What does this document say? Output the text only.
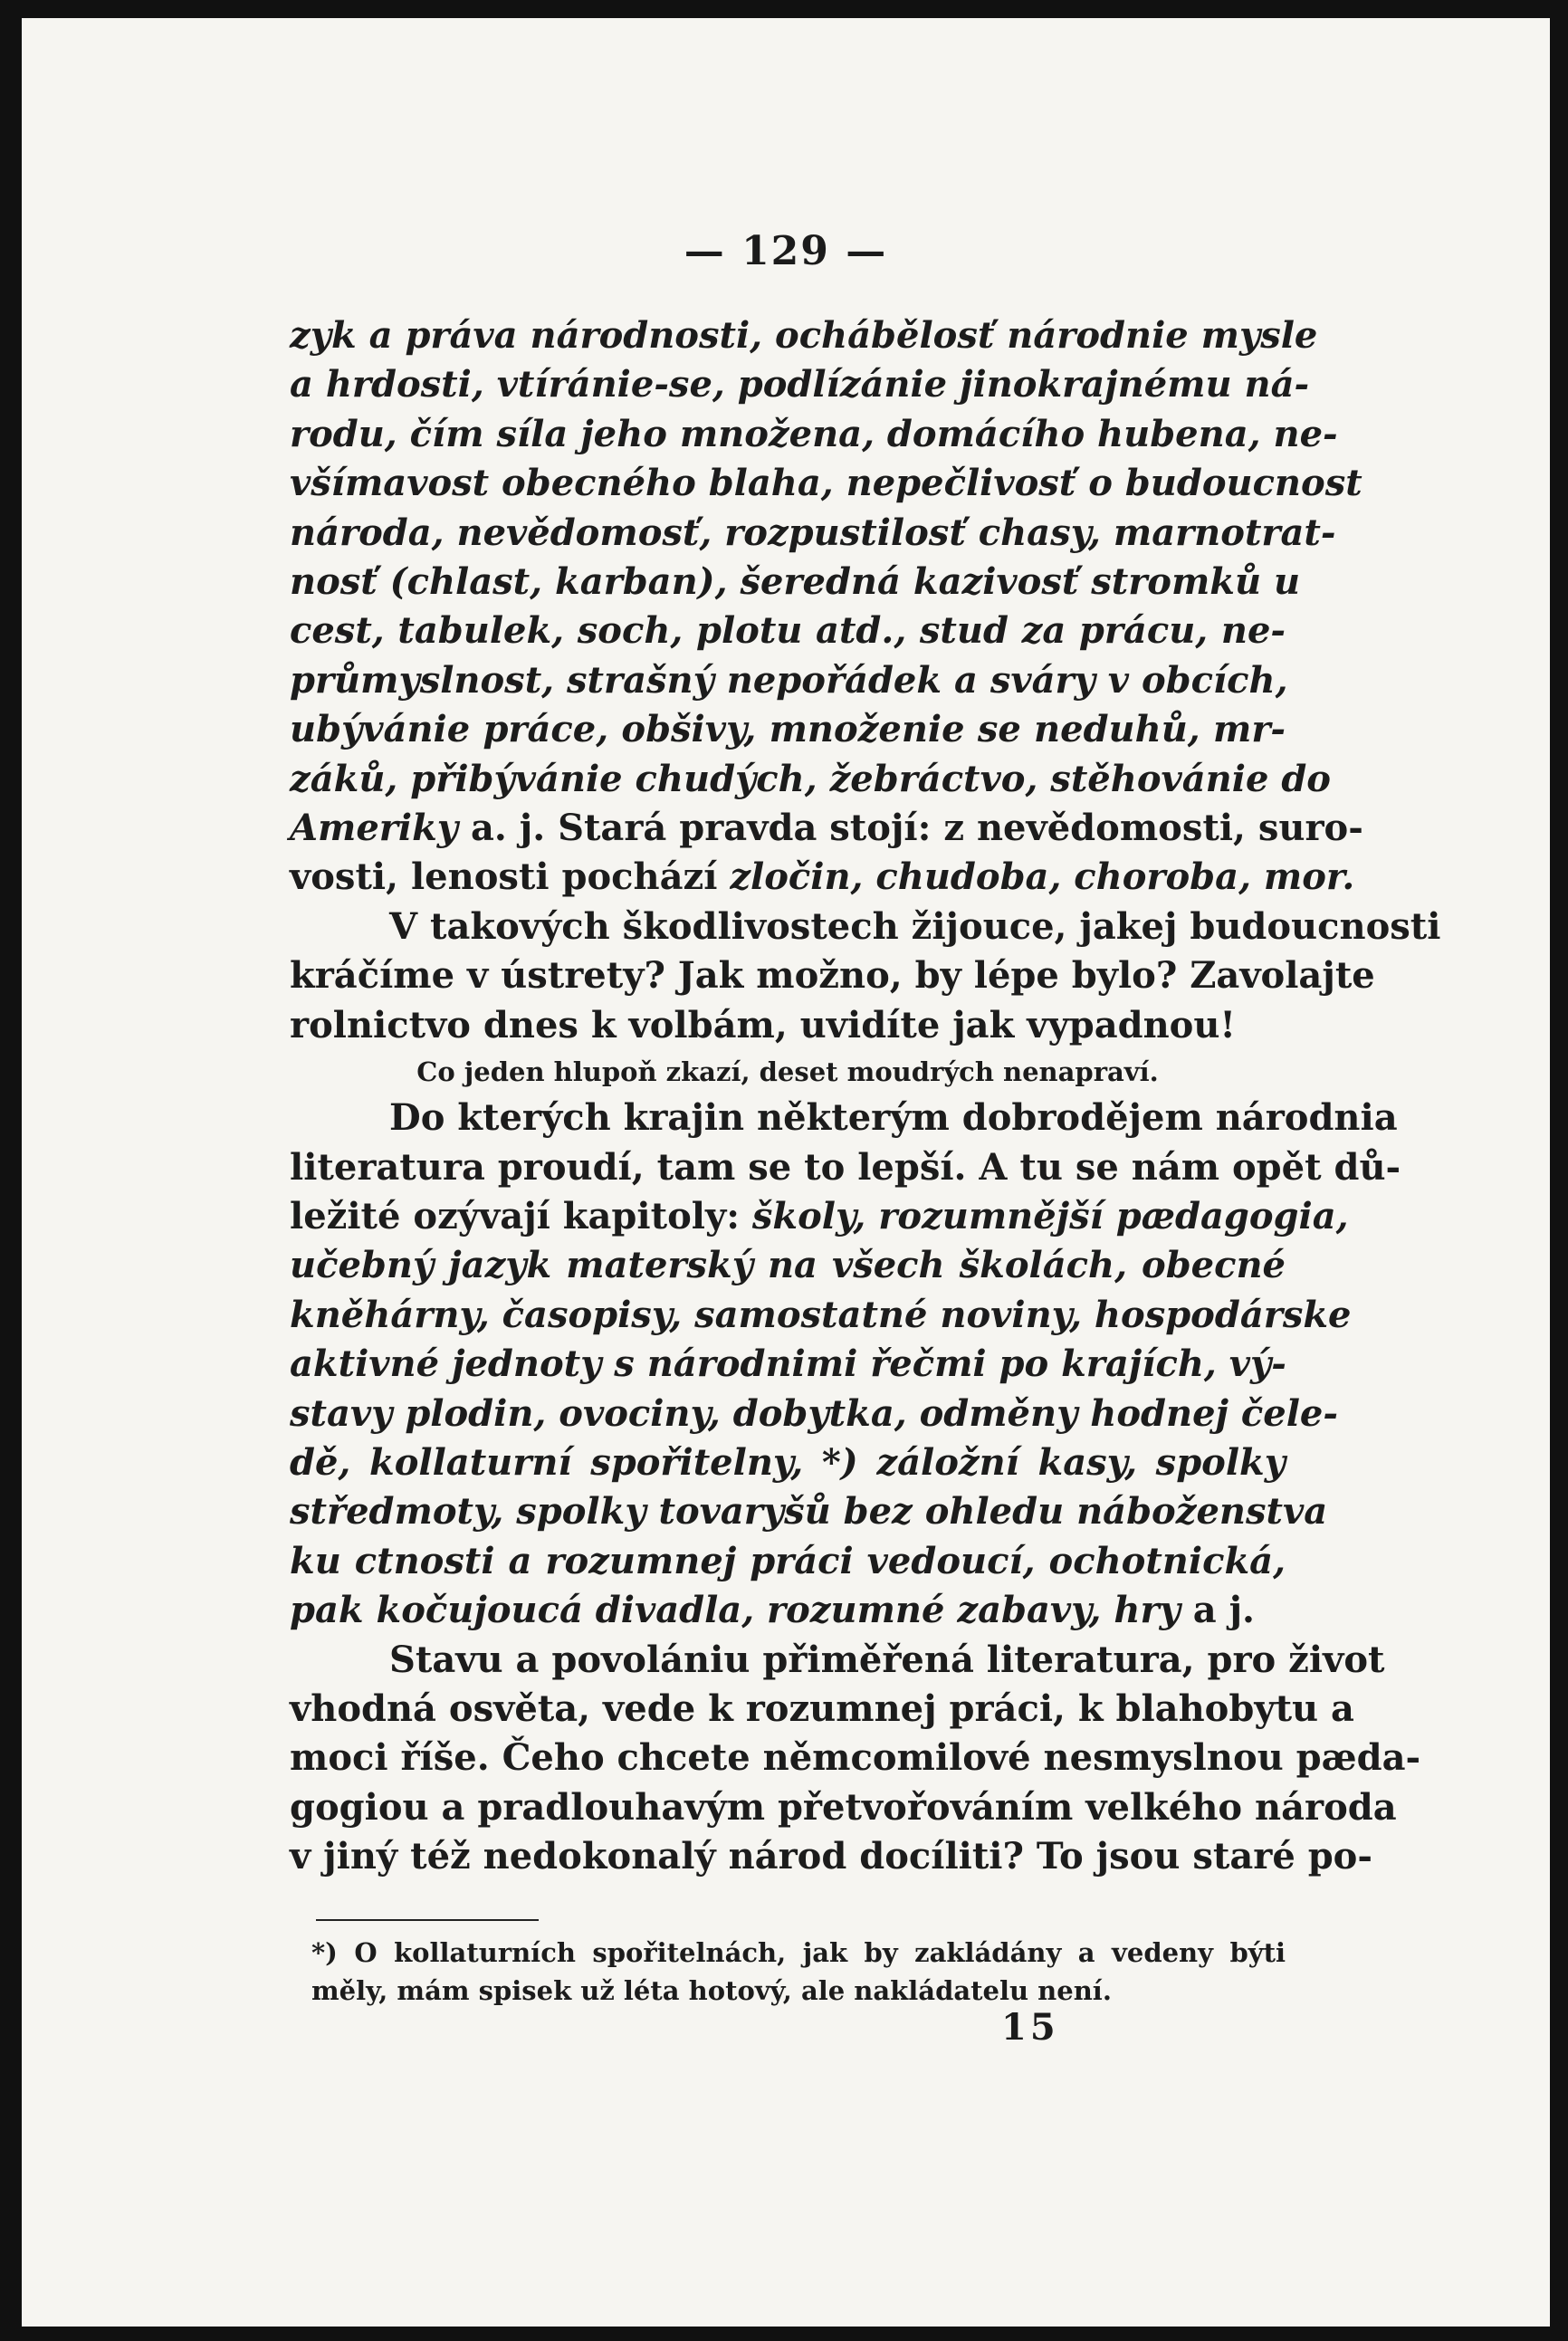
— 129 —
zyk a práva národnosti, ochábělosť národnie mysle
a hrdosti, vtíránie-se, podlízánie jinokrajnému ná-
rodu, čím síla jeho množena, domácího hubena, ne-
všímavost obecného blaha, nepečlivosť o budoucnost
národa, nevědomosť, rozpustilosť chasy, marnotrat-
nosť (chlast, karban), šeredná kazivosť stromků u
cest, tabulek, soch, plotu atd., stud za prácu, ne-
průmyslnost, strašný nepořádek a sváry v obcích,
ubývánie práce, obšivy, množenie se neduhů, mr-
záků, přibývánie chudých, žebráctvo, stěhovánie do
Ameriky a. j. Stará pravda stojí: z nevědomosti, suro-
vosti, lenosti pochází zločin, chudoba, choroba, mor.
V takových škodlivostech žijouce, jakej budoucnosti
kráčíme v ústrety? Jak možno, by lépe bylo? Zavolajte
rolnictvo dnes k volbám, uvidíte jak vypadnou!
Co jeden hlupoň zkazí, deset moudrých nenapraví.
Do kterých krajin některým dobrodějem národnia
literatura proudí, tam se to lepší. A tu se nám opět dů-
ležité ozývají kapitoly: školy, rozumnější pædagogia,
učebný jazyk materský na všech školách, obecné
kněhárny, časopisy, samostatné noviny, hospodárske
aktivné jednoty s národnimi řečmi po krajích, vý-
stavy plodin, ovociny, dobytka, odměny hodnej čele-
dě, kollaturní spořitelny, *) záložní kasy, spolky
středmoty, spolky tovaryšů bez ohledu náboženstva
ku ctnosti a rozumnej práci vedoucí, ochotnická,
pak kočujoucá divadla, rozumné zabavy, hry a j.
Stavu a povolániu přiměřená literatura, pro život
vhodná osvěta, vede k rozumnej práci, k blahobytu a
moci říše. Čeho chcete němcomilové nesmyslnou pæda-
gogiou a pradlouhavým přetvořováním velkého národa
v jiný též nedokonalý národ docíliti? To jsou staré po-
*) O kollaturních spořitelnách, jak by zakládány a vedeny býti měly, mám spisek už léta hotový, ale nakládatelu není.
15
